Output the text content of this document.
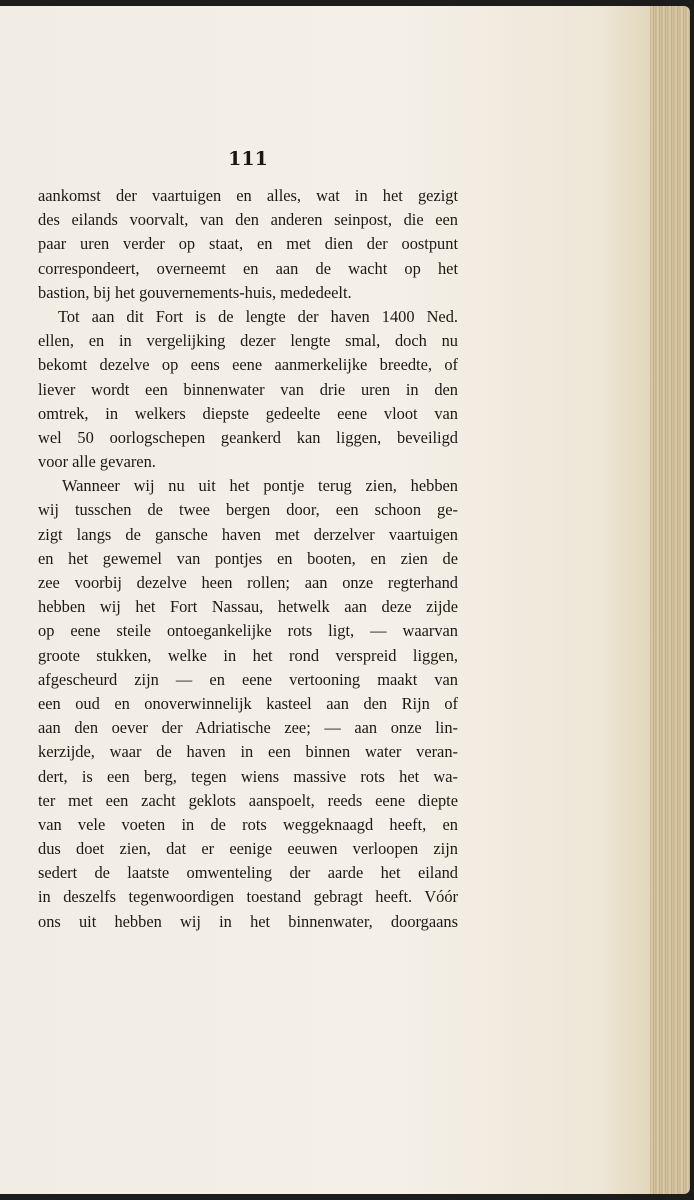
111
aankomst der vaartuigen en alles, wat in het gezigt
des eilands voorvalt, van den anderen seinpost, die een
paar uren verder op staat, en met dien der oostpunt
correspondeert, overneemt en aan de wacht op het
bastion, bij het gouvernements-huis, mededeelt.
Tot aan dit Fort is de lengte der haven 1400 Ned.
ellen, en in vergelijking dezer lengte smal, doch nu
bekomt dezelve op eens eene aanmerkelijke breedte, of
liever wordt een binnenwater van drie uren in den
omtrek, in welkers diepste gedeelte eene vloot van
wel 50 oorlogschepen geankerd kan liggen, beveiligd
voor alle gevaren.
Wanneer wij nu uit het pontje terug zien, hebben
wij tusschen de twee bergen door, een schoon ge-
zigt langs de gansche haven met derzelver vaartuigen
en het gewemel van pontjes en booten, en zien de
zee voorbij dezelve heen rollen; aan onze regterhand
hebben wij het Fort Nassau, hetwelk aan deze zijde
op eene steile ontoegankelijke rots ligt, — waarvan
groote stukken, welke in het rond verspreid liggen,
afgescheurd zijn — en eene vertooning maakt van
een oud en onoverwinnelijk kasteel aan den Rijn of
aan den oever der Adriatische zee; — aan onze lin-
kerzijde, waar de haven in een binnen water veran-
dert, is een berg, tegen wiens massive rots het wa-
ter met een zacht geklots aanspoelt, reeds eene diepte
van vele voeten in de rots weggeknaagd heeft, en
dus doet zien, dat er eenige eeuwen verloopen zijn
sedert de laatste omwenteling der aarde het eiland
in deszelfs tegenwoordigen toestand gebragt heeft. Vóór
ons uit hebben wij in het binnenwater, doorgaans
